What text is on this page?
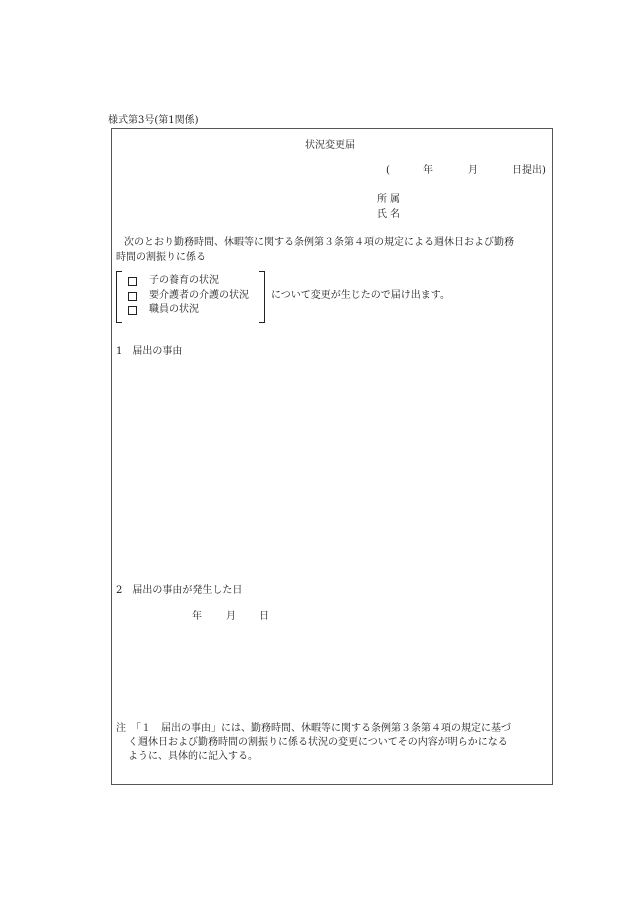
様式第3号(第1関係)
状況変更届
(	年	月	日提出)
所属
氏名
次のとおり勤務時間、休暇等に関する条例第３条第４項の規定による週休日および勤務
時間の割振りに係る
子の養育の状況
要介護者の介護の状況
職員の状況
について変更が生じたので届け出ます。
1　届出の事由
2　届出の事由が発生した日
年 月 日
注　「１　届出の事由」には、勤務時間、休暇等に関する条例第３条第４項の規定に基づ
く週休日および勤務時間の割振りに係る状況の変更についてその内容が明らかになる
ように、具体的に記入する。
